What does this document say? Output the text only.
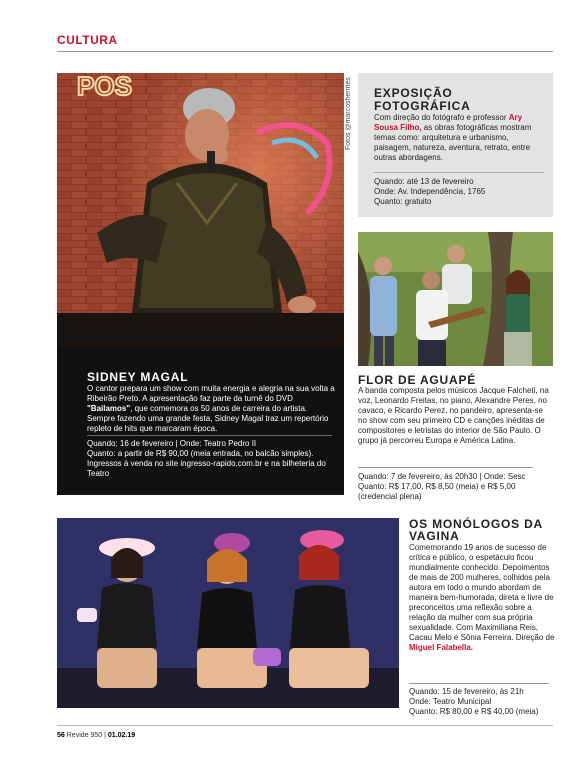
CULTURA
POS	Fotos @marcoshermes
SIDNEY MAGAL
O cantor prepara um show com muita energia e alegria na sua volta a Ribeirão Preto. A apresentação faz parte da turnê do DVD "Bailamos", que comemora os 50 anos de carreira do artista. Sempre fazendo uma grande festa, Sidney Magal traz um repertório repleto de hits que marcaram época.
Quando: 16 de fevereiro | Onde: Teatro Pedro II
Quanto: a partir de R$ 90,00 (meia entrada, no balcão simples). Ingressos à venda no site ingresso-rapido.com.br e na bilheteria do Teatro
EXPOSIÇÃO FOTOGRÁFICA
Com direção do fotógrafo e professor Ary Sousa Filho, as obras fotográficas mostram temas como: arquitetura e urbanismo, paisagem, natureza, aventura, retrato, entre outras abordagens.
Quando: até 13 de fevereiro
Onde: Av. Independência, 1765
Quanto: gratuito
FLOR DE AGUAPÉ
A banda composta pelos músicos Jacque Falcheti, na voz, Leonardo Freitas, no piano, Alexandre Peres, no cavaco, e Ricardo Perez, no pandeiro, apresenta-se no show com seu primeiro CD e canções inéditas de compositores e letristas do interior de São Paulo. O grupo já percorreu Europa e América Latina.
Quando: 7 de fevereiro, às 20h30 | Onde: Sesc Quanto: R$ 17,00, R$ 8,50 (meia) e R$ 5,00 (credencial plena)
OS MONÓLOGOS DA VAGINA
Comemorando 19 anos de sucesso de crítica e público, o espetáculo ficou mundialmente conhecido. Depoimentos de mais de 200 mulheres, colhidos pela autora em todo o mundo abordam de maneira bem-humorada, direta e livre de preconceitos uma reflexão sobre a relação da mulher com sua própria sexualidade. Com Maximiliana Reis, Cacau Melo e Sônia Ferreira. Direção de Miguel Falabella.
Quando: 15 de fevereiro, às 21h
Onde: Teatro Municipal
Quanto: R$ 80,00 e R$ 40,00 (meia)
56 Revide 950 | 01.02.19
